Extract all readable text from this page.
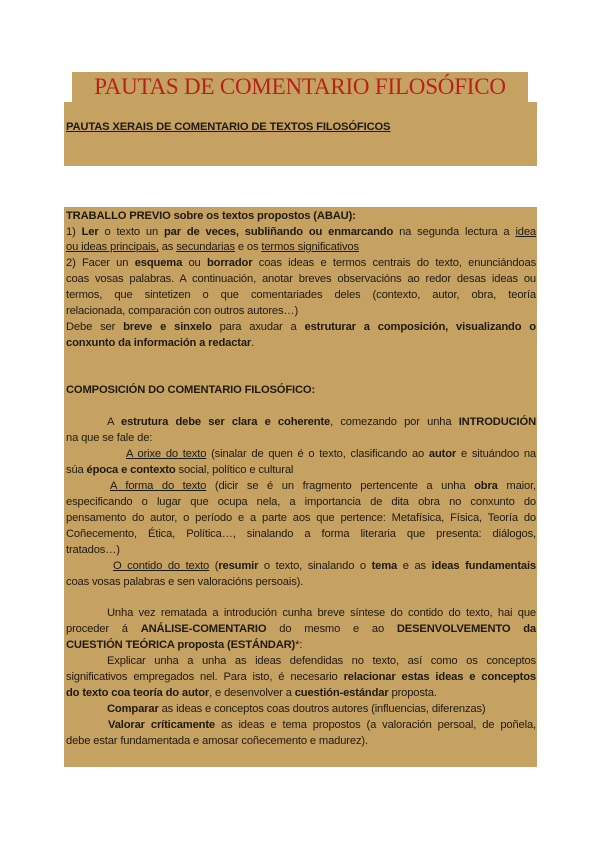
PAUTAS DE COMENTARIO FILOSÓFICO
PAUTAS XERAIS DE COMENTARIO DE TEXTOS FILOSÓFICOS
TRABALLO PREVIO sobre os textos propostos (ABAU):
1) Ler o texto un par de veces, subliñando ou enmarcando na segunda lectura a idea
ou ideas principais, as secundarias e os termos significativos
2) Facer un esquema ou borrador coas ideas e termos centrais do texto, enunciándoas
coas vosas palabras. A continuación, anotar breves observacións ao redor desas ideas ou
termos, que sintetizen o que comentariades deles (contexto, autor, obra, teoría
relacionada, comparación con outros autores…)
Debe ser breve e sinxelo para axudar a estruturar a composición, visualizando o
conxunto da información a redactar.
COMPOSICIÓN DO COMENTARIO FILOSÓFICO:
A estrutura debe ser clara e coherente, comezando por unha INTRODUCIÓN
na que se fale de:
A orixe do texto (sinalar de quen é o texto, clasificando ao autor e situándoo na
súa época e contexto social, político e cultural
A forma do texto (dicir se é un fragmento pertencente a unha obra maior,
especificando o lugar que ocupa nela, a importancia de dita obra no conxunto do
pensamento do autor, o período e a parte aos que pertence: Metafísica, Física, Teoría do
Coñecemento, Ética, Política…, sinalando a forma literaria que presenta: diálogos,
tratados…)
O contido do texto (resumir o texto, sinalando o tema e as ideas fundamentais
coas vosas palabras e sen valoracións persoais).
Unha vez rematada a introdución cunha breve síntese do contido do texto, hai que
proceder á ANÁLISE-COMENTARIO do mesmo e ao DESENVOLVEMENTO da
CUESTIÓN TEÓRICA proposta (ESTÁNDAR)*:
Explicar unha a unha as ideas defendidas no texto, así como os conceptos
significativos empregados nel. Para isto, é necesario relacionar estas ideas e conceptos
do texto coa teoría do autor, e desenvolver a cuestión-estándar proposta.
Comparar as ideas e conceptos coas doutros autores (influencias, diferenzas)
Valorar críticamente as ideas e tema propostos (a valoración persoal, de poñela,
debe estar fundamentada e amosar coñecemento e madurez).
